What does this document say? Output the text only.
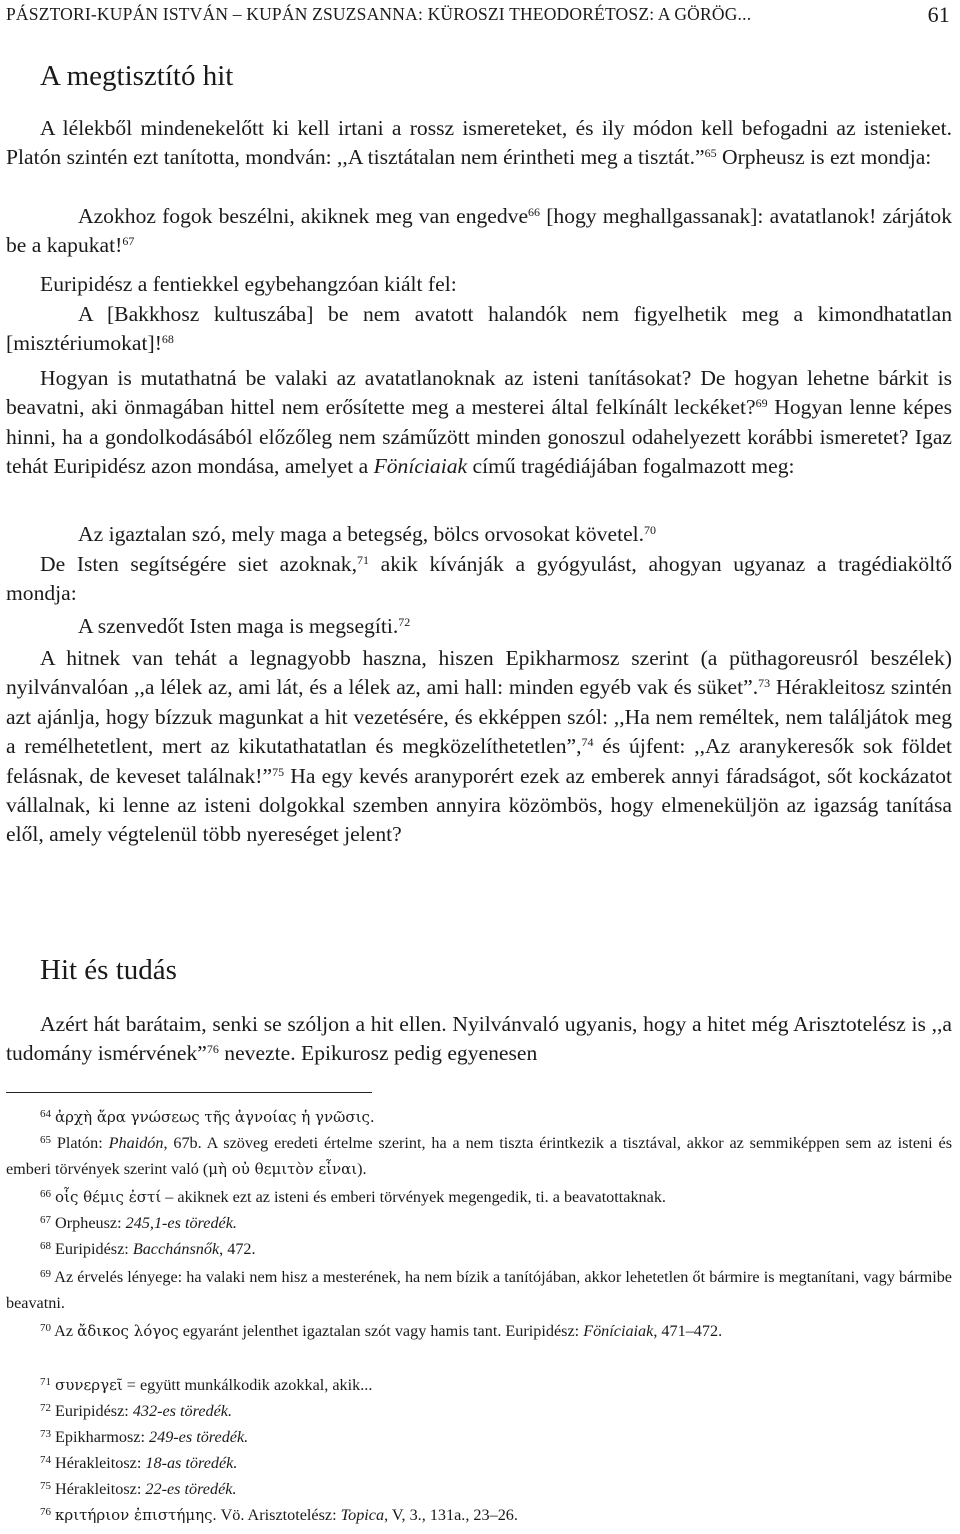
PÁSZTORI-KUPÁN ISTVÁN – KUPÁN ZSUZSANNA: KÜROSZI THEODORÉTOSZ: A GÖRÖG...	61
A megtisztító hit

A lélekből mindenekelőtt ki kell irtani a rossz ismereteket, és ily módon kell befogadni az istenieket. Platón szintén ezt tanította, mondván: ,,A tisztátalan nem érintheti meg a tisztát.”$^{65}$ Orpheusz is ezt mondja:

Azokhoz fogok beszélni, akiknek meg van engedve$^{66}$ [hogy meghallgassanak]: avatatlanok! zárjátok be a kapukat!$^{67}$

Euripidész a fentiekkel egybehangzóan kiált fel:

A [Bakkhosz kultuszába] be nem avatott halandók nem figyelhetik meg a kimondhatatlan [misztériumokat]!$^{68}$

Hogyan is mutathatná be valaki az avatatlanoknak az isteni tanításokat? De hogyan lehetne bárkit is beavatni, aki önmagában hittel nem erősítette meg a mesterei által felkínált leckéket?$^{69}$ Hogyan lenne képes hinni, ha a gondolkodásából előzőleg nem száműzött minden gonoszul odahelyezett korábbi ismeretet? Igaz tehát Euripidész azon mondása, amelyet a Föníciaiak című tragédiájában fogalmazott meg:

Az igaztalan szó, mely maga a betegség, bölcs orvosokat követel.$^{70}$

De Isten segítségére siet azoknak,$^{71}$ akik kívánják a gyógyulást, ahogyan ugyanaz a tragédiaköltő mondja:

A szenvedőt Isten maga is megsegíti.$^{72}$

A hitnek van tehát a legnagyobb haszna, hiszen Epikharmosz szerint (a püthagoreusról beszélek) nyilvánvalóan ,,a lélek az, ami lát, és a lélek az, ami hall: minden egyéb vak és süket”.$^{73}$ Hérakleitosz szintén azt ajánlja, hogy bízzuk magunkat a hit vezetésére, és ekképpen szól: ,,Ha nem reméltek, nem találjátok meg a remélhetetlent, mert az kikutathatatlan és megközelíthetetlen”,$^{74}$ és újfent: ,,Az aranykeresők sok földet felásnak, de keveset találnak!”$^{75}$ Ha egy kevés aranyporért ezek az emberek annyi fáradságot, sőt kockázatot vállalnak, ki lenne az isteni dolgokkal szemben annyira közömbös, hogy elmeneküljön az igazság tanítása elől, amely végtelenül több nyereséget jelent?

Hit és tudás

Azért hát barátaim, senki se szóljon a hit ellen. Nyilvánvaló ugyanis, hogy a hitet még Arisztotelész is ,,a tudomány ismérvének”$^{76}$ nevezte. Epikurosz pedig egyenesen

$^{64}$ ἀρχὴ ἄρα γνώσεως τῆς ἀγνοίας ἡ γνῶσις.

$^{65}$ Platón: Phaidón, 67b. A szöveg eredeti értelme szerint, ha a nem tiszta érintkezik a tisztával, akkor az semmiképpen sem az isteni és emberi törvények szerint való (μὴ οὐ θεμιτὸν εἶναι).

$^{66}$ οἷς θέμις ἐστί – akiknek ezt az isteni és emberi törvények megengedik, ti. a beavatottaknak.

$^{67}$ Orpheusz: 245,1-es töredék.

$^{68}$ Euripidész: Bacchánsnők, 472.

$^{69}$ Az érvelés lényege: ha valaki nem hisz a mesterének, ha nem bízik a tanítójában, akkor lehetetlen őt bármire is megtanítani, vagy bármibe beavatni.

$^{70}$ Az ἄδικος λόγος egyaránt jelenthet igaztalan szót vagy hamis tant. Euripidész: Föníciaiak, 471–472.

$^{71}$ συνεργεῖ = együtt munkálkodik azokkal, akik...

$^{72}$ Euripidész: 432-es töredék.

$^{73}$ Epikharmosz: 249-es töredék.

$^{74}$ Hérakleitosz: 18-as töredék.

$^{75}$ Hérakleitosz: 22-es töredék.

$^{76}$ κριτήριον ἐπιστήμης. Vö. Arisztotelész: Topica, V, 3., 131a., 23–26.
